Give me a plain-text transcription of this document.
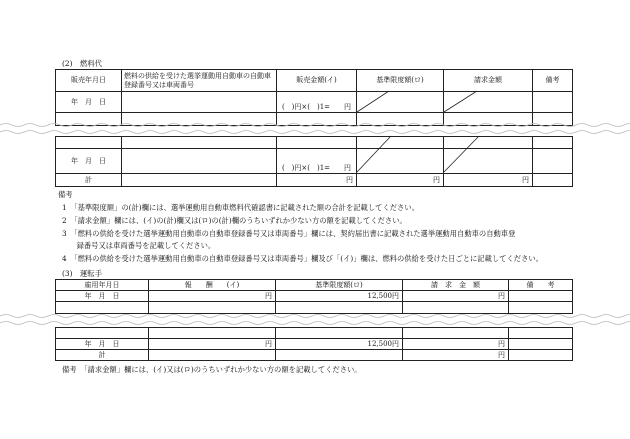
(2)　燃料代
販売年月日	燃料の供給を受けた選挙運動用自動車の自動車登録番号又は車両番号	販売金額(イ)	基準限度額(ロ)	請求金額	備考
年　月　日		(　)円×(　)1=　　円			

年　月　日		(　)円×(　)1=　　円			
計		円	円	円	
備考
1　「基準限度額」の(計)欄には、選挙運動用自動車燃料代確認書に記載された額の合計を記載してください。
2　「請求金額」欄には、(イ)の(計)欄又は(ロ)の(計)欄のうちいずれか少ない方の額を記載してください。
3　「燃料の供給を受けた選挙運動用自動車の自動車登録番号又は車両番号」欄には、契約届出書に記載された選挙運動用自動車の自動車登
　　録番号又は車両番号を記載してください。
4　「燃料の供給を受けた選挙運動用自動車の自動車登録番号又は車両番号」欄及び「(イ)」欄は、燃料の供給を受けた日ごとに記載してください。
(3)　運転手
雇用年月日	報　　酬　　(イ)	基準限度額(ロ)	請　求　金　額	備　　考
年　月　日	円	12,500円	円	

年　月　日	円	12,500円	円	
計			円	
備考　「請求金額」欄には、(イ)又は(ロ)のうちいずれか少ない方の額を記載してください。
